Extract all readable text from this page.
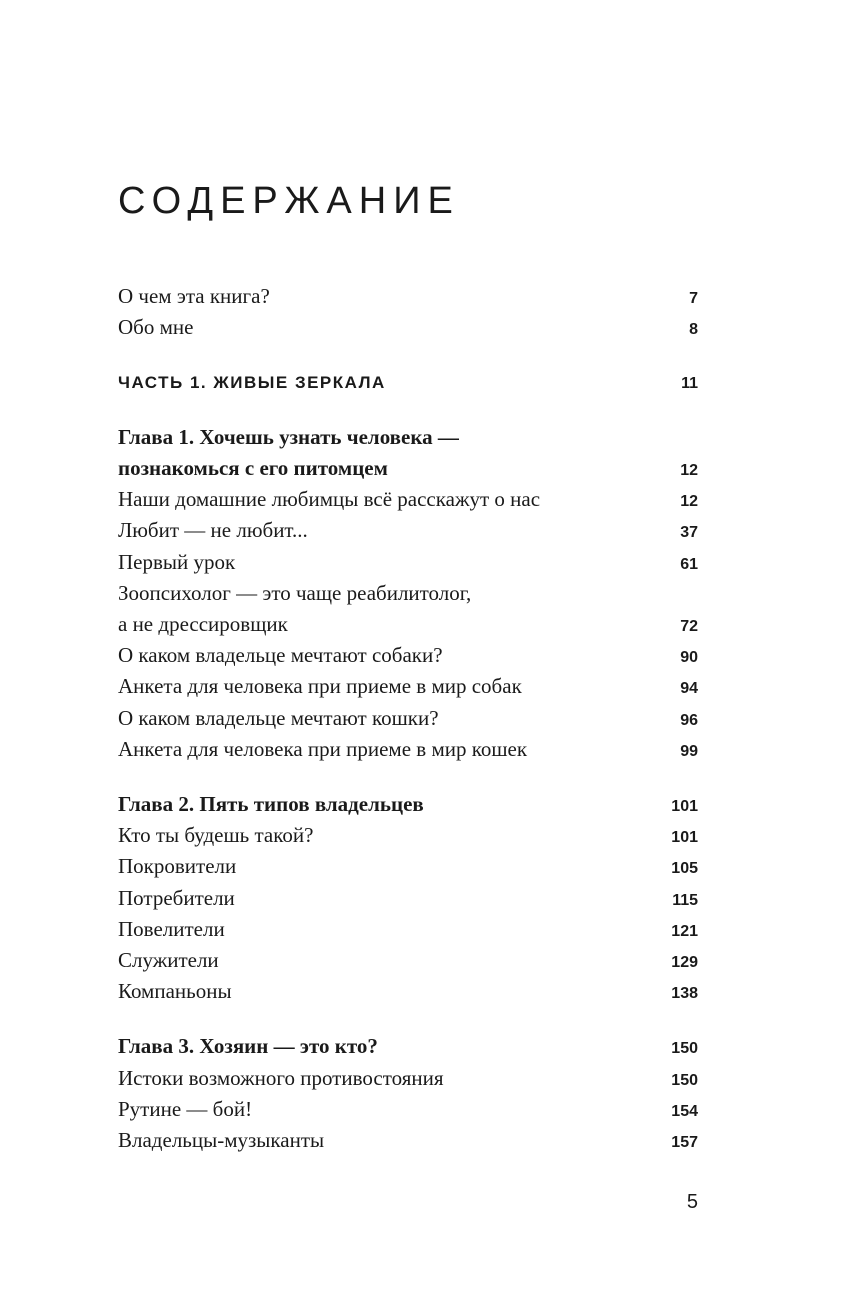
СОДЕРЖАНИЕ
О чем эта книга?	7
Обо мне	8
ЧАСТЬ 1. ЖИВЫЕ ЗЕРКАЛА	11
Глава 1. Хочешь узнать человека —
познакомься с его питомцем	12
Наши домашние любимцы всё расскажут о нас	12
Любит — не любит...	37
Первый урок	61
Зоопсихолог — это чаще реабилитолог,
а не дрессировщик	72
О каком владельце мечтают собаки?	90
Анкета для человека при приеме в мир собак	94
О каком владельце мечтают кошки?	96
Анкета для человека при приеме в мир кошек	99
Глава 2. Пять типов владельцев	101
Кто ты будешь такой?	101
Покровители	105
Потребители	115
Повелители	121
Служители	129
Компаньоны	138
Глава 3. Хозяин — это кто?	150
Истоки возможного противостояния	150
Рутине — бой!	154
Владельцы-музыканты	157
5
